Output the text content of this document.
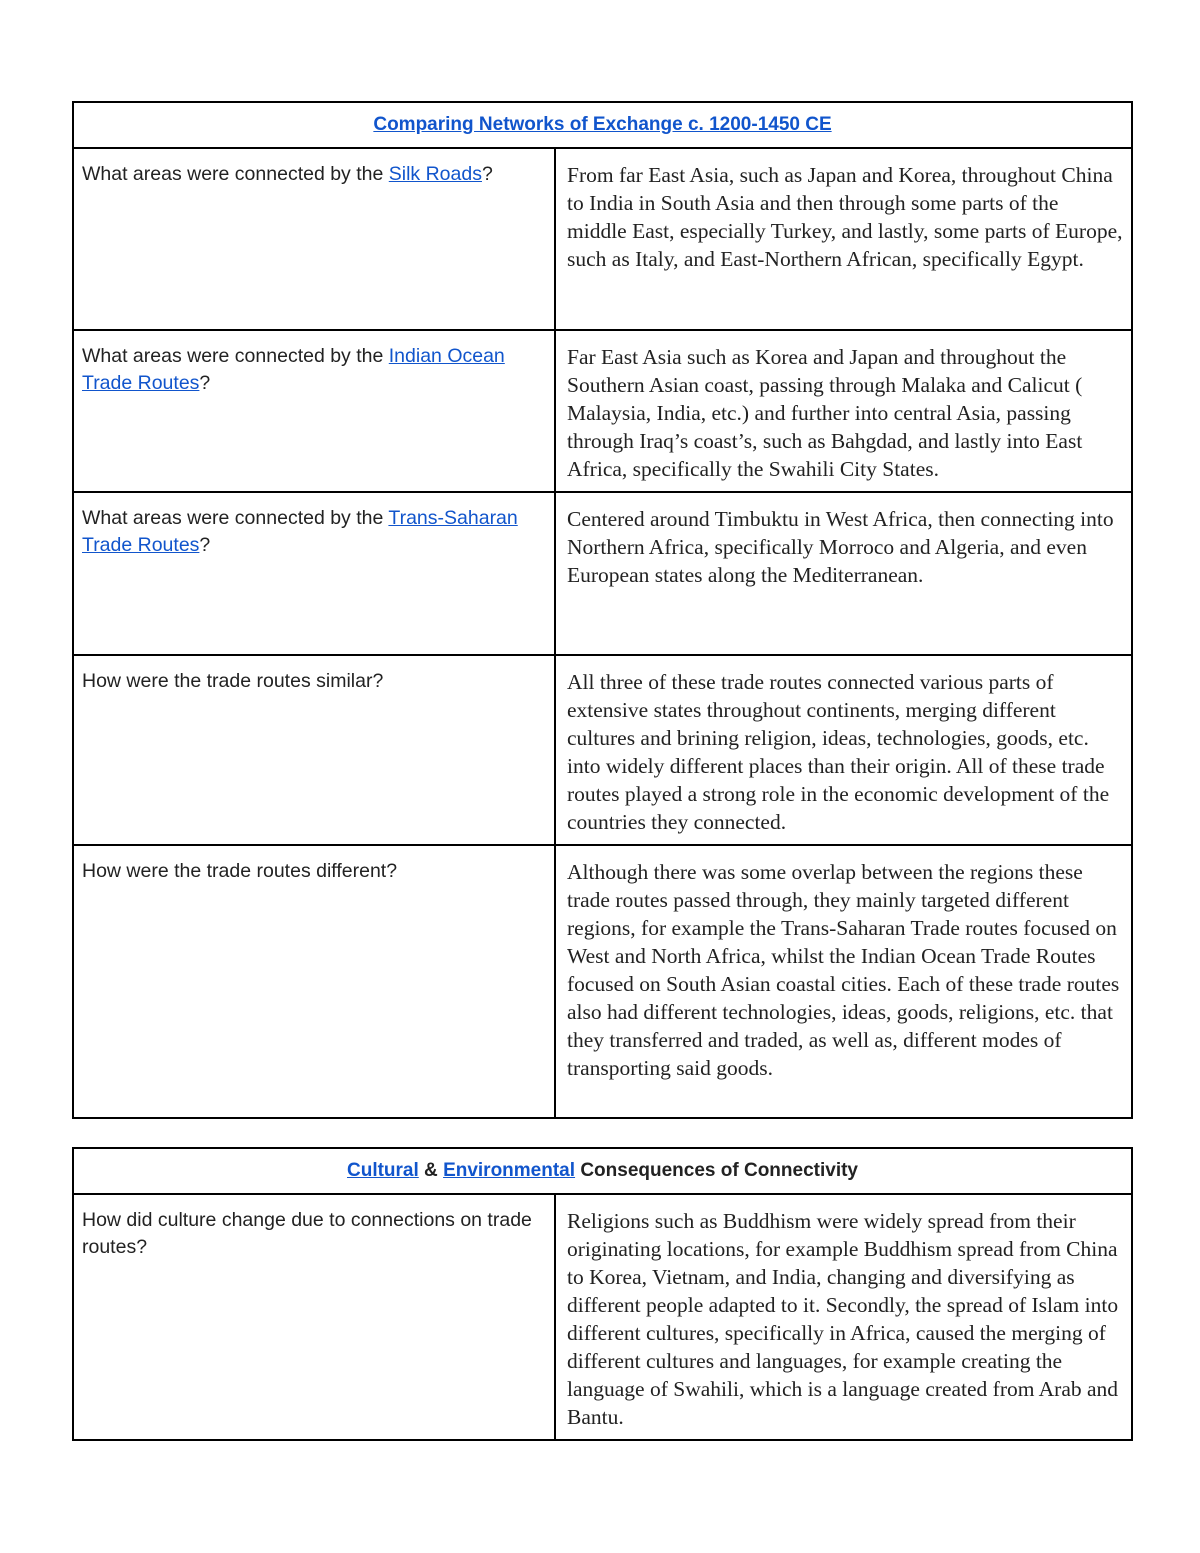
Comparing Networks of Exchange c. 1200-1450 CE	
What areas were connected by the Silk Roads?	From far East Asia, such as Japan and Korea, throughout China to India in South Asia and then through some parts of the middle East, especially Turkey, and lastly, some parts of Europe, such as Italy, and East-Northern African, specifically Egypt.
What areas were connected by the Indian Ocean Trade Routes?	Far East Asia such as Korea and Japan and throughout the Southern Asian coast, passing through Malaka and Calicut ( Malaysia, India, etc.) and further into central Asia, passing through Iraq’s coast’s, such as Bahgdad, and lastly into East Africa, specifically the Swahili City States.
What areas were connected by the Trans-Saharan Trade Routes?	Centered around Timbuktu in West Africa, then connecting into Northern Africa, specifically Morroco and Algeria, and even European states along the Mediterranean.
How were the trade routes similar?	All three of these trade routes connected various parts of extensive states throughout continents, merging different cultures and brining religion, ideas, technologies, goods, etc. into widely different places than their origin. All of these trade routes played a strong role in the economic development of the countries they connected.
How were the trade routes different?	Although there was some overlap between the regions these trade routes passed through, they mainly targeted different regions, for example the Trans-Saharan Trade routes focused on West and North Africa, whilst the Indian Ocean Trade Routes focused on South Asian coastal cities. Each of these trade routes also had different technologies, ideas, goods, religions, etc. that they transferred and traded, as well as, different modes of transporting said goods.
Cultural & Environmental Consequences of Connectivity
How did culture change due to connections on trade routes?	Religions such as Buddhism were widely spread from their originating locations, for example Buddhism spread from China to Korea, Vietnam, and India, changing and diversifying as different people adapted to it. Secondly, the spread of Islam into different cultures, specifically in Africa, caused the merging of different cultures and languages, for example creating the language of Swahili, which is a language created from Arab and Bantu.
